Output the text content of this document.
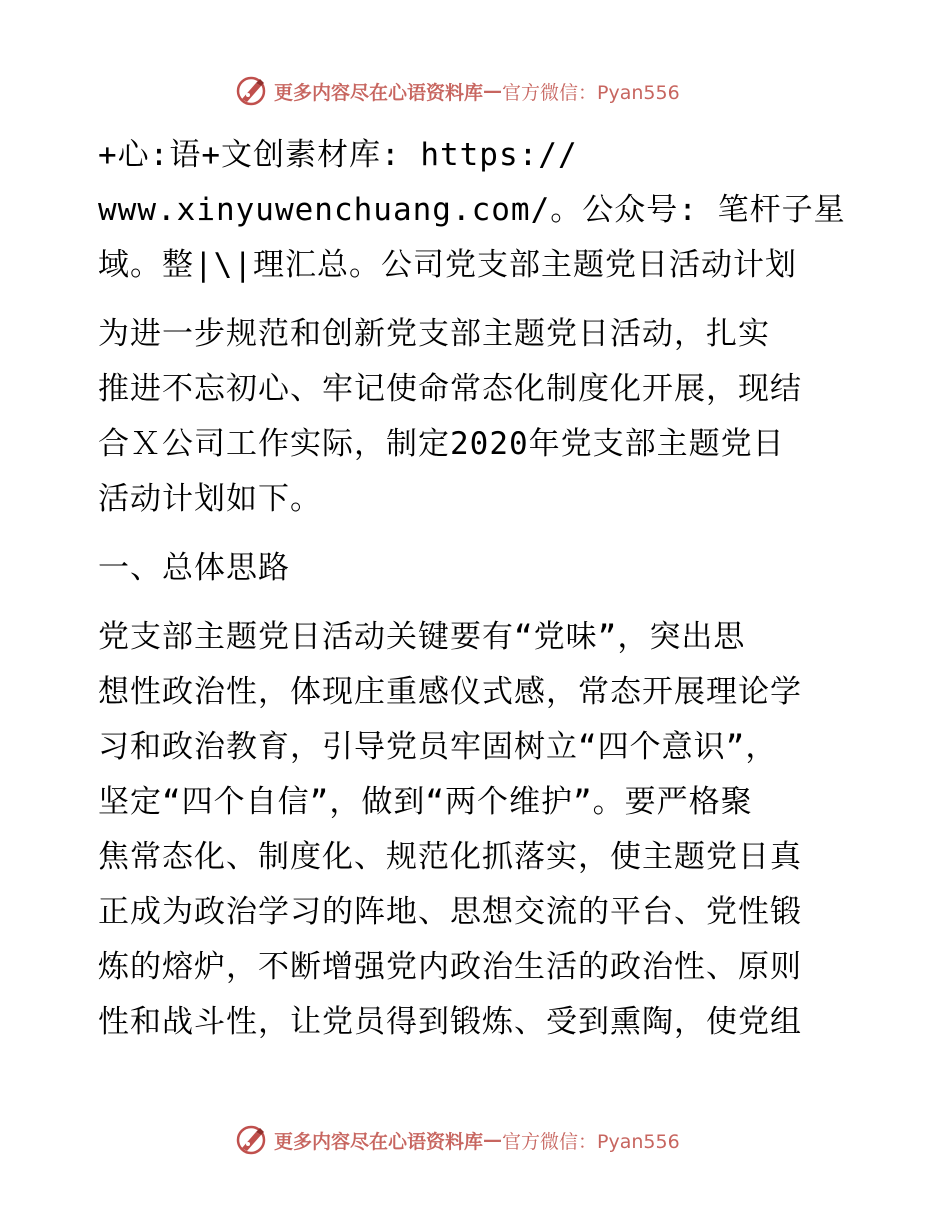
更多内容尽在心语资料库 — 官方微信：Pyan556
+心:语+文创素材库: https://
www.xinyuwenchuang.com/。公众号: 笔杆子星
域。整|\|理汇总。公司党支部主题党日活动计划
为进一步规范和创新党支部主题党日活动，扎实
推进不忘初心、牢记使命常态化制度化开展，现结
合Ｘ公司工作实际，制定2020年党支部主题党日
活动计划如下。
一、总体思路
党支部主题党日活动关键要有“党味”，突出思
想性政治性，体现庄重感仪式感，常态开展理论学
习和政治教育，引导党员牢固树立“四个意识”，
坚定“四个自信”，做到“两个维护”。要严格聚
焦常态化、制度化、规范化抓落实，使主题党日真
正成为政治学习的阵地、思想交流的平台、党性锻
炼的熔炉，不断增强党内政治生活的政治性、原则
性和战斗性，让党员得到锻炼、受到熏陶，使党组
更多内容尽在心语资料库 — 官方微信：Pyan556
